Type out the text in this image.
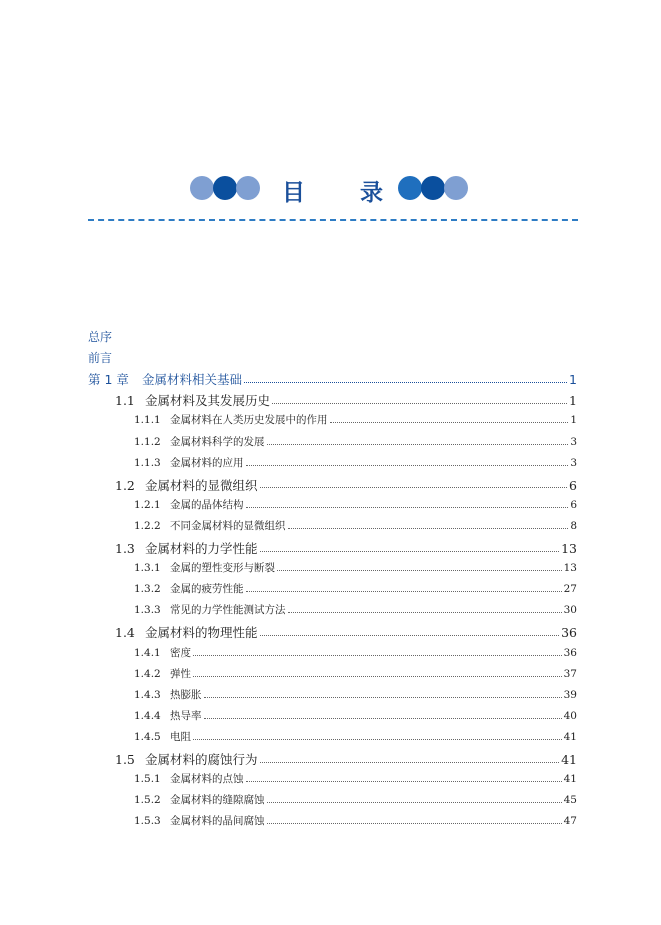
目 录
总序
前言
第 1 章 金属材料相关基础	1
1.1 金属材料及其发展历史	1
1.1.1 金属材料在人类历史发展中的作用	1
1.1.2 金属材料科学的发展	3
1.1.3 金属材料的应用	3
1.2 金属材料的显微组织	6
1.2.1 金属的晶体结构	6
1.2.2 不同金属材料的显微组织	8
1.3 金属材料的力学性能	13
1.3.1 金属的塑性变形与断裂	13
1.3.2 金属的疲劳性能	27
1.3.3 常见的力学性能测试方法	30
1.4 金属材料的物理性能	36
1.4.1 密度	36
1.4.2 弹性	37
1.4.3 热膨胀	39
1.4.4 热导率	40
1.4.5 电阻	41
1.5 金属材料的腐蚀行为	41
1.5.1 金属材料的点蚀	41
1.5.2 金属材料的缝隙腐蚀	45
1.5.3 金属材料的晶间腐蚀	47
